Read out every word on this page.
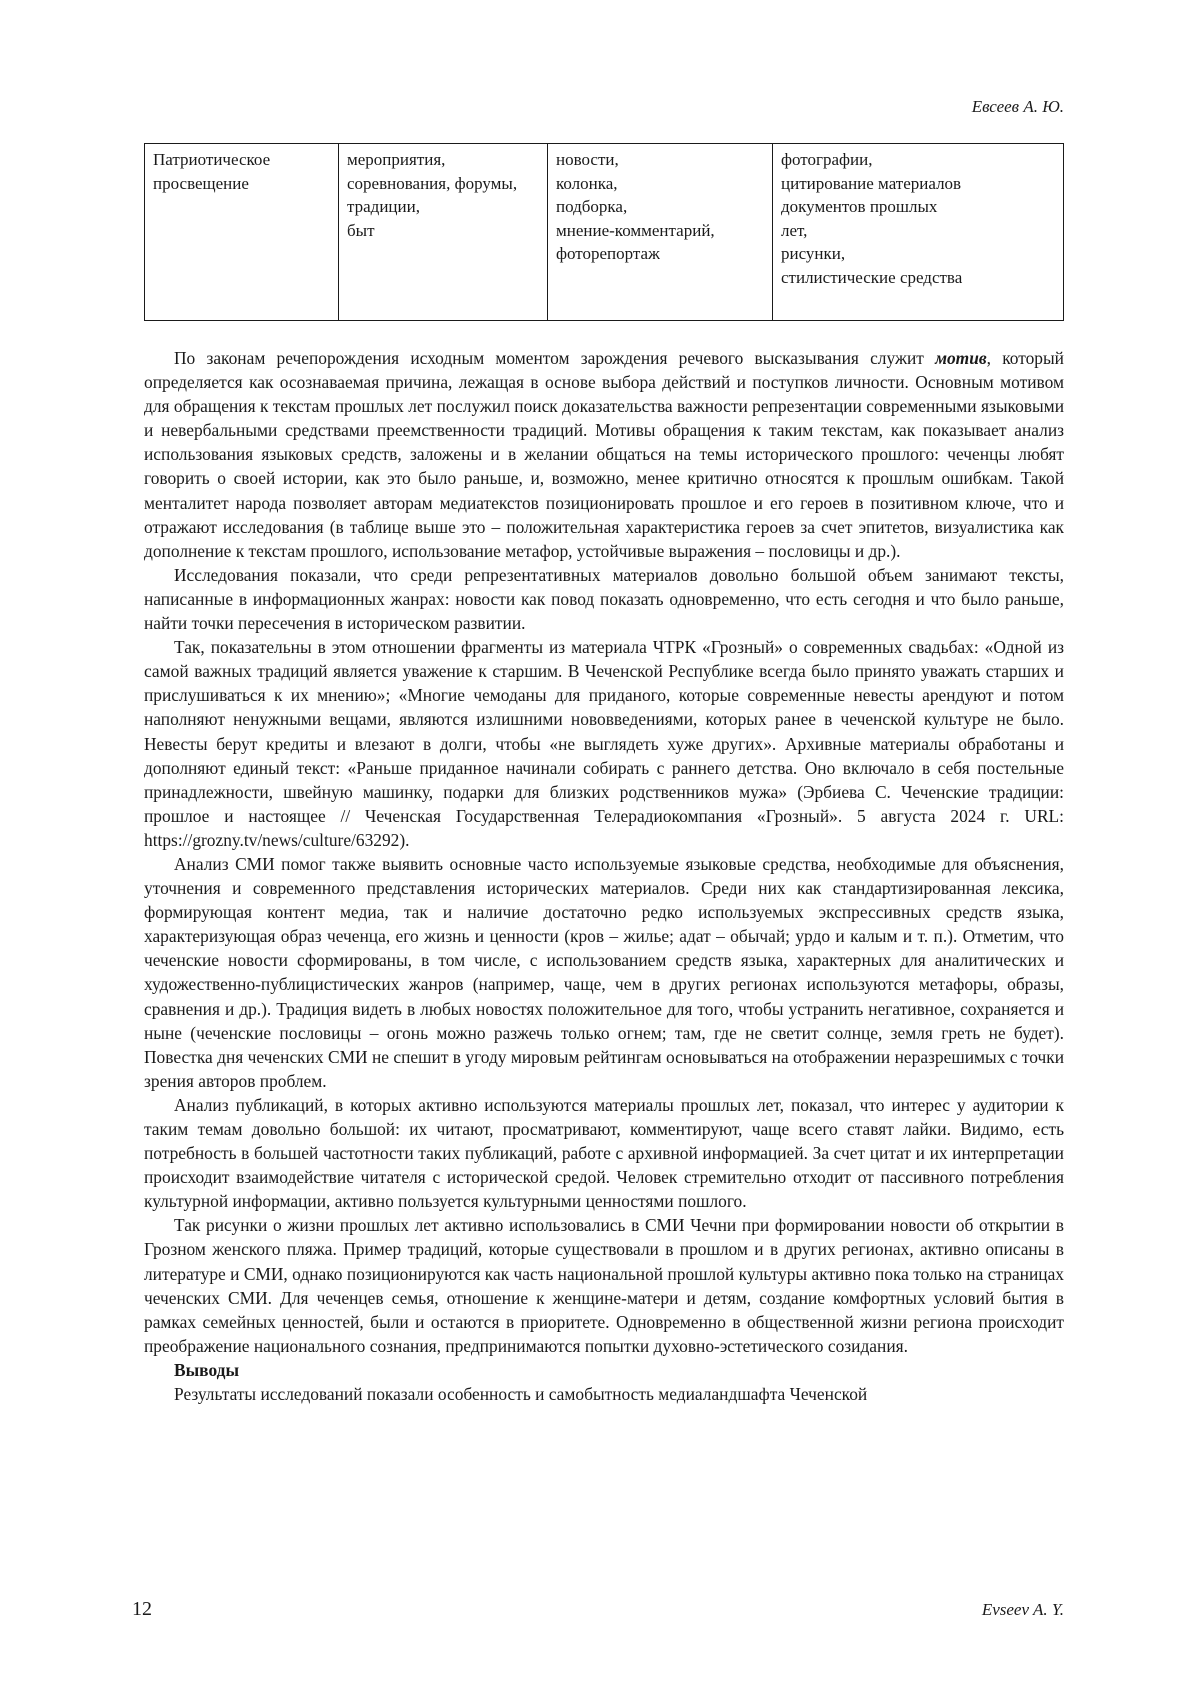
Евсеев А. Ю.
Патриотическое просвещение	мероприятия,
соревнования, форумы,
традиции,
быт	новости,
колонка,
подборка,
мнение-комментарий,
фоторепортаж	фотографии,
цитирование материалов
документов прошлых
лет,
рисунки,
стилистические средства

По законам речепорождения исходным моментом зарождения речевого высказывания служит мотив, который определяется как осознаваемая причина, лежащая в основе выбора действий и поступков личности. Основным мотивом для обращения к текстам прошлых лет послужил поиск доказательства важности репрезентации современными языковыми и невербальными средствами преемственности традиций. Мотивы обращения к таким текстам, как показывает анализ использования языковых средств, заложены и в желании общаться на темы исторического прошлого: чеченцы любят говорить о своей истории, как это было раньше, и, возможно, менее критично относятся к прошлым ошибкам. Такой менталитет народа позволяет авторам медиатекстов позиционировать прошлое и его героев в позитивном ключе, что и отражают исследования (в таблице выше это – положительная характеристика героев за счет эпитетов, визуалистика как дополнение к текстам прошлого, использование метафор, устойчивые выражения – пословицы и др.).

Исследования показали, что среди репрезентативных материалов довольно большой объем занимают тексты, написанные в информационных жанрах: новости как повод показать одновременно, что есть сегодня и что было раньше, найти точки пересечения в историческом развитии.

Так, показательны в этом отношении фрагменты из материала ЧТРК «Грозный» о современных свадьбах: «Одной из самой важных традиций является уважение к старшим. В Чеченской Республике всегда было принято уважать старших и прислушиваться к их мнению»; «Многие чемоданы для приданого, которые современные невесты арендуют и потом наполняют ненужными вещами, являются излишними нововведениями, которых ранее в чеченской культуре не было. Невесты берут кредиты и влезают в долги, чтобы «не выглядеть хуже других». Архивные материалы обработаны и дополняют единый текст: «Раньше приданное начинали собирать с раннего детства. Оно включало в себя постельные принадлежности, швейную машинку, подарки для близких родственников мужа» (Эрбиева С. Чеченские традиции: прошлое и настоящее // Чеченская Государственная Телерадиокомпания «Грозный». 5 августа 2024 г. URL: https://grozny.tv/news/culture/63292).

Анализ СМИ помог также выявить основные часто используемые языковые средства, необходимые для объяснения, уточнения и современного представления исторических материалов. Среди них как стандартизированная лексика, формирующая контент медиа, так и наличие достаточно редко используемых экспрессивных средств языка, характеризующая образ чеченца, его жизнь и ценности (кров – жилье; адат – обычай; урдо и калым и т. п.). Отметим, что чеченские новости сформированы, в том числе, с использованием средств языка, характерных для аналитических и художественно-публицистических жанров (например, чаще, чем в других регионах используются метафоры, образы, сравнения и др.). Традиция видеть в любых новостях положительное для того, чтобы устранить негативное, сохраняется и ныне (чеченские пословицы – огонь можно разжечь только огнем; там, где не светит солнце, земля греть не будет). Повестка дня чеченских СМИ не спешит в угоду мировым рейтингам основываться на отображении неразрешимых с точки зрения авторов проблем.

Анализ публикаций, в которых активно используются материалы прошлых лет, показал, что интерес у аудитории к таким темам довольно большой: их читают, просматривают, комментируют, чаще всего ставят лайки. Видимо, есть потребность в большей частотности таких публикаций, работе с архивной информацией. За счет цитат и их интерпретации происходит взаимодействие читателя с исторической средой. Человек стремительно отходит от пассивного потребления культурной информации, активно пользуется культурными ценностями пошлого.

Так рисунки о жизни прошлых лет активно использовались в СМИ Чечни при формировании новости об открытии в Грозном женского пляжа. Пример традиций, которые существовали в прошлом и в других регионах, активно описаны в литературе и СМИ, однако позиционируются как часть национальной прошлой культуры активно пока только на страницах чеченских СМИ. Для чеченцев семья, отношение к женщине-матери и детям, создание комфортных условий бытия в рамках семейных ценностей, были и остаются в приоритете. Одновременно в общественной жизни региона происходит преображение национального сознания, предпринимаются попытки духовно-эстетического созидания.

Выводы

Результаты исследований показали особенность и самобытность медиаландшафта Чеченской

12	Evseev A. Y.
